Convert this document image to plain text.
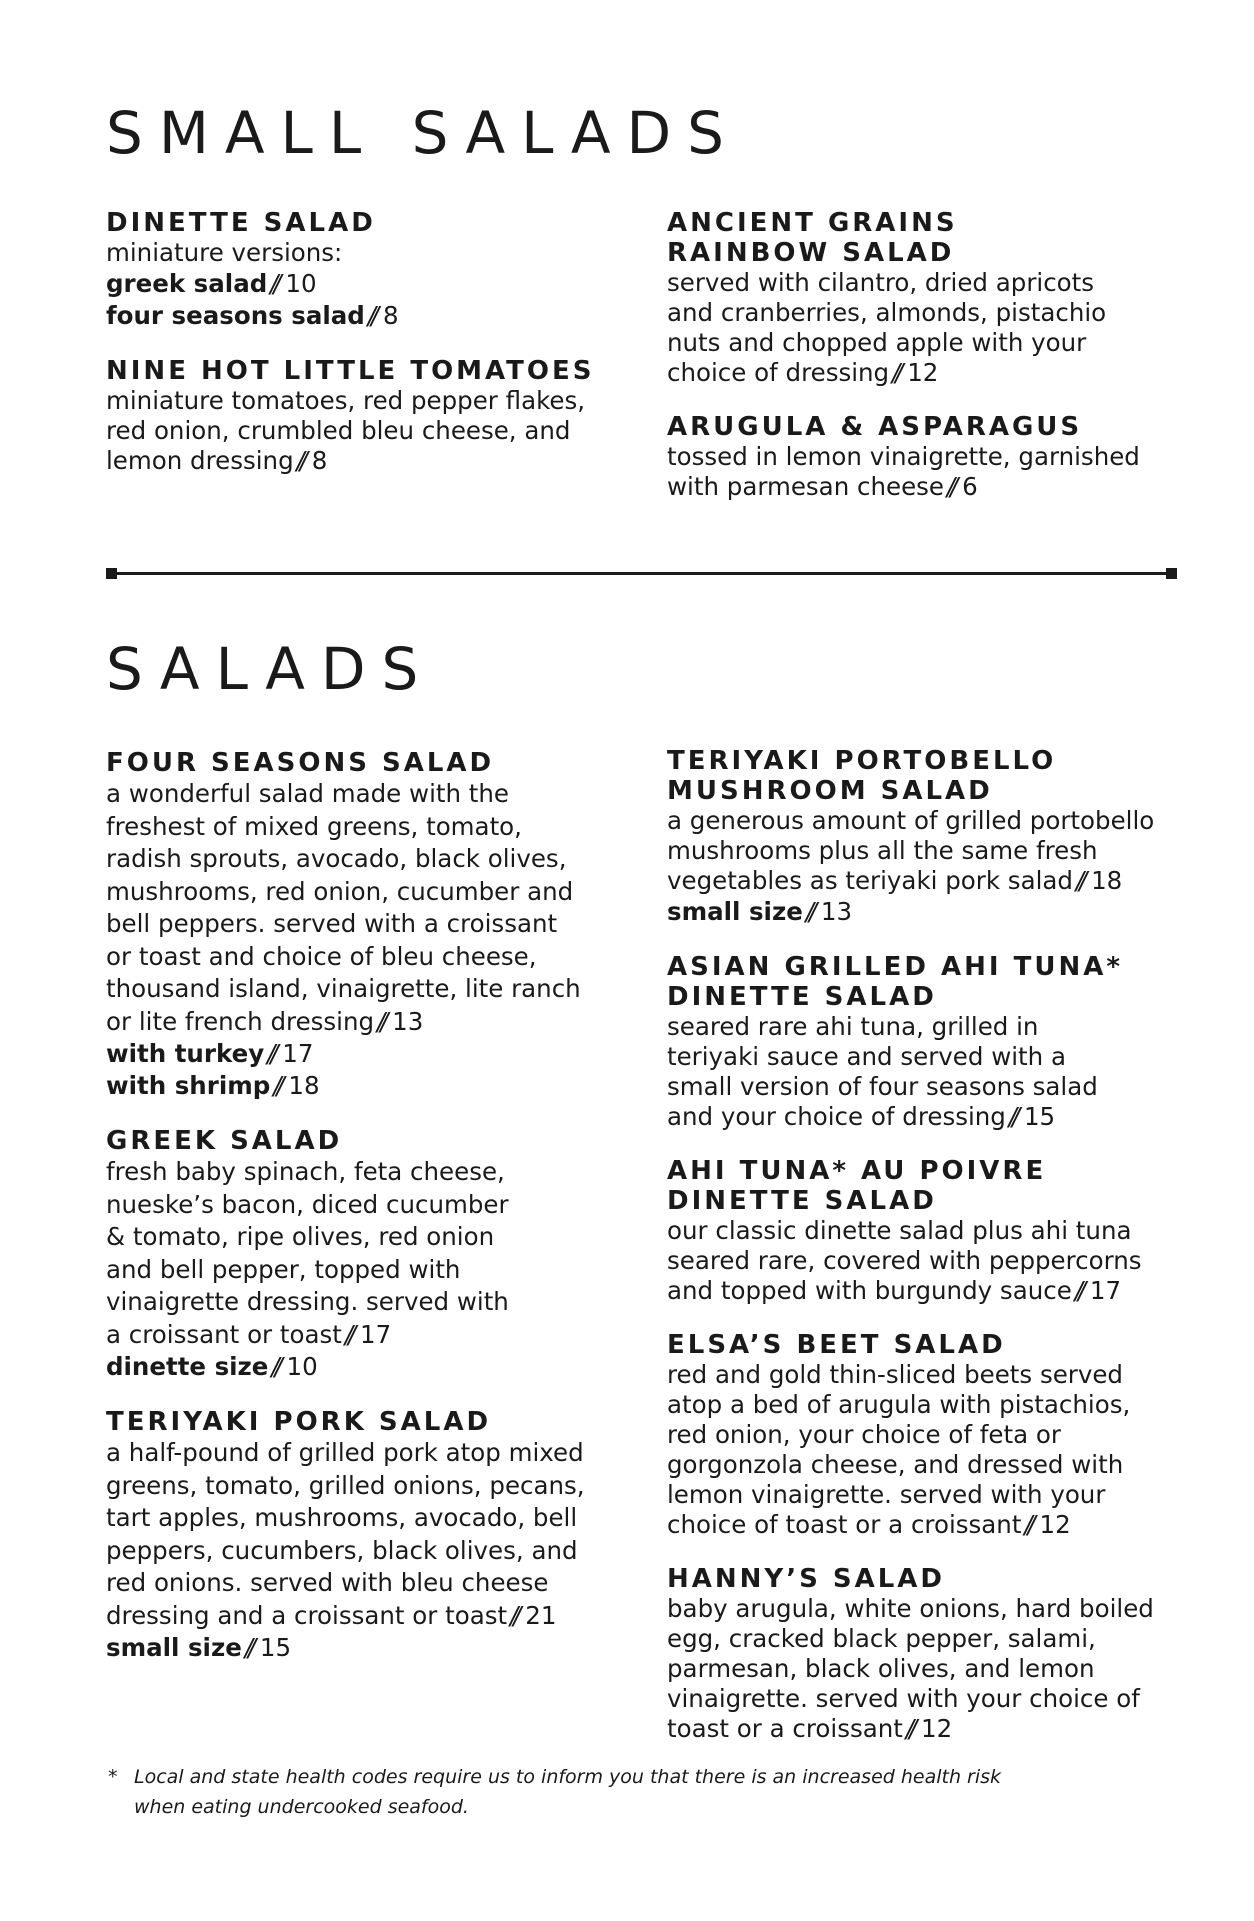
SMALL SALADS

DINETTE SALAD

miniature versions:

greek salad // 10

four seasons salad // 8

NINE HOT LITTLE TOMATOES

miniature tomatoes, red pepper flakes, red onion, crumbled bleu cheese, and lemon dressing // 8

ANCIENT GRAINS RAINBOW SALAD

served with cilantro, dried apricots and cranberries, almonds, pistachio nuts and chopped apple with your choice of dressing // 12

ARUGULA & ASPARAGUS

tossed in lemon vinaigrette, garnished with parmesan cheese // 6

SALADS

FOUR SEASONS SALAD

a wonderful salad made with the freshest of mixed greens, tomato, radish sprouts, avocado, black olives, mushrooms, red onion, cucumber and bell peppers. served with a croissant or toast and choice of bleu cheese, thousand island, vinaigrette, lite ranch or lite french dressing // 13

with turkey // 17

with shrimp // 18

GREEK SALAD

fresh baby spinach, feta cheese, nueske’s bacon, diced cucumber & tomato, ripe olives, red onion and bell pepper, topped with vinaigrette dressing. served with a croissant or toast // 17

dinette size // 10

TERIYAKI PORK SALAD

a half-pound of grilled pork atop mixed greens, tomato, grilled onions, pecans, tart apples, mushrooms, avocado, bell peppers, cucumbers, black olives, and red onions. served with bleu cheese dressing and a croissant or toast // 21

small size // 15

TERIYAKI PORTOBELLO MUSHROOM SALAD

a generous amount of grilled portobello mushrooms plus all the same fresh vegetables as teriyaki pork salad // 18

small size // 13

ASIAN GRILLED AHI TUNA* DINETTE SALAD

seared rare ahi tuna, grilled in teriyaki sauce and served with a small version of four seasons salad and your choice of dressing // 15

AHI TUNA* AU POIVRE DINETTE SALAD

our classic dinette salad plus ahi tuna seared rare, covered with peppercorns and topped with burgundy sauce // 17

ELSA’S BEET SALAD

red and gold thin-sliced beets served atop a bed of arugula with pistachios, red onion, your choice of feta or gorgonzola cheese, and dressed with lemon vinaigrette. served with your choice of toast or a croissant // 12

HANNY’S SALAD

baby arugula, white onions, hard boiled egg, cracked black pepper, salami, parmesan, black olives, and lemon vinaigrette. served with your choice of toast or a croissant // 12

* Local and state health codes require us to inform you that there is an increased health risk
when eating undercooked seafood.
